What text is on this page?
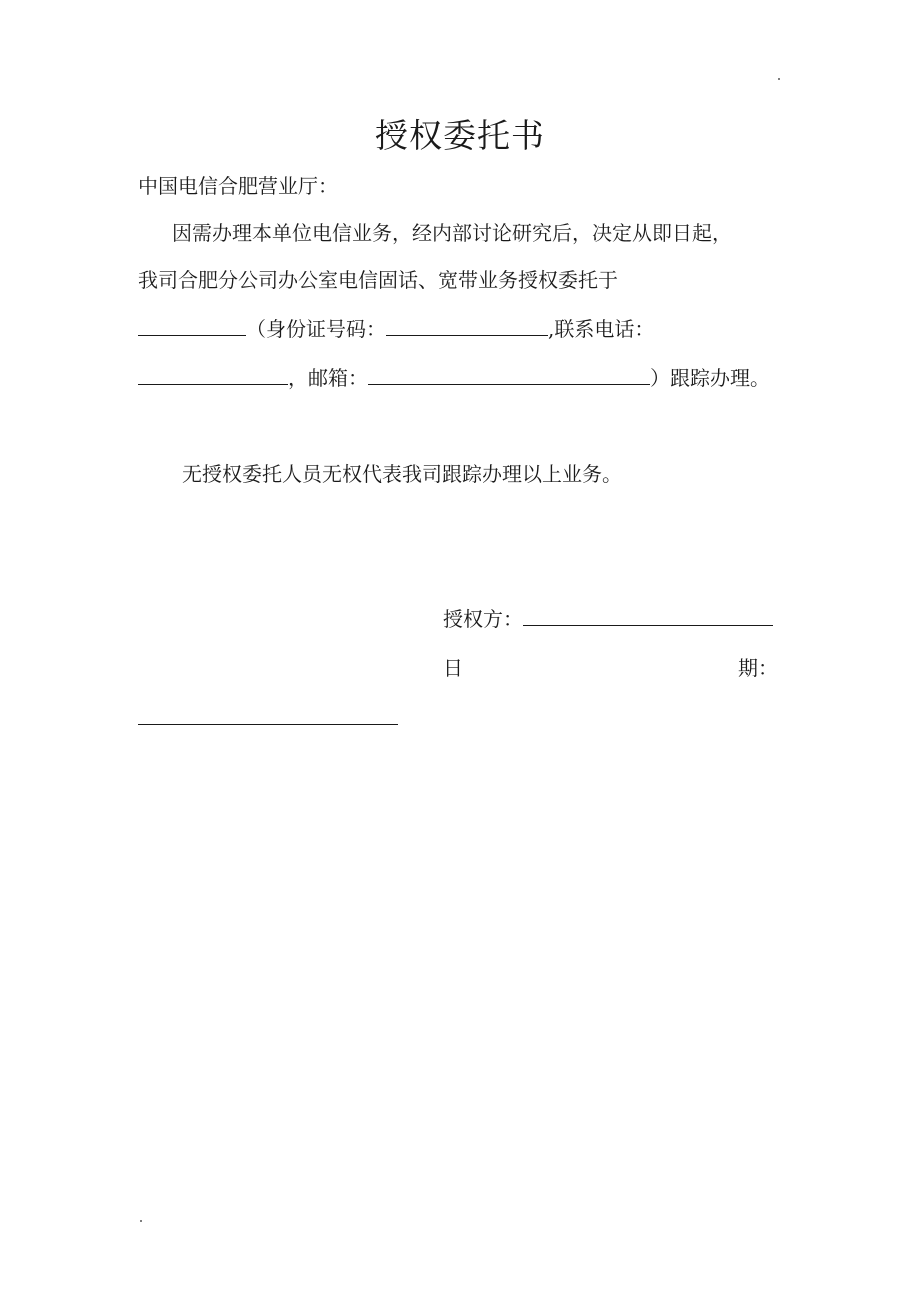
授权委托书
中国电信合肥营业厅：
因需办理本单位电信业务，经内部讨论研究后，决定从即日起，
我司合肥分公司办公室电信固话、宽带业务授权委托于
（身份证号码：	,联系电话：
，邮箱：	）跟踪办理。
无授权委托人员无权代表我司跟踪办理以上业务。
授权方：
日	期：
